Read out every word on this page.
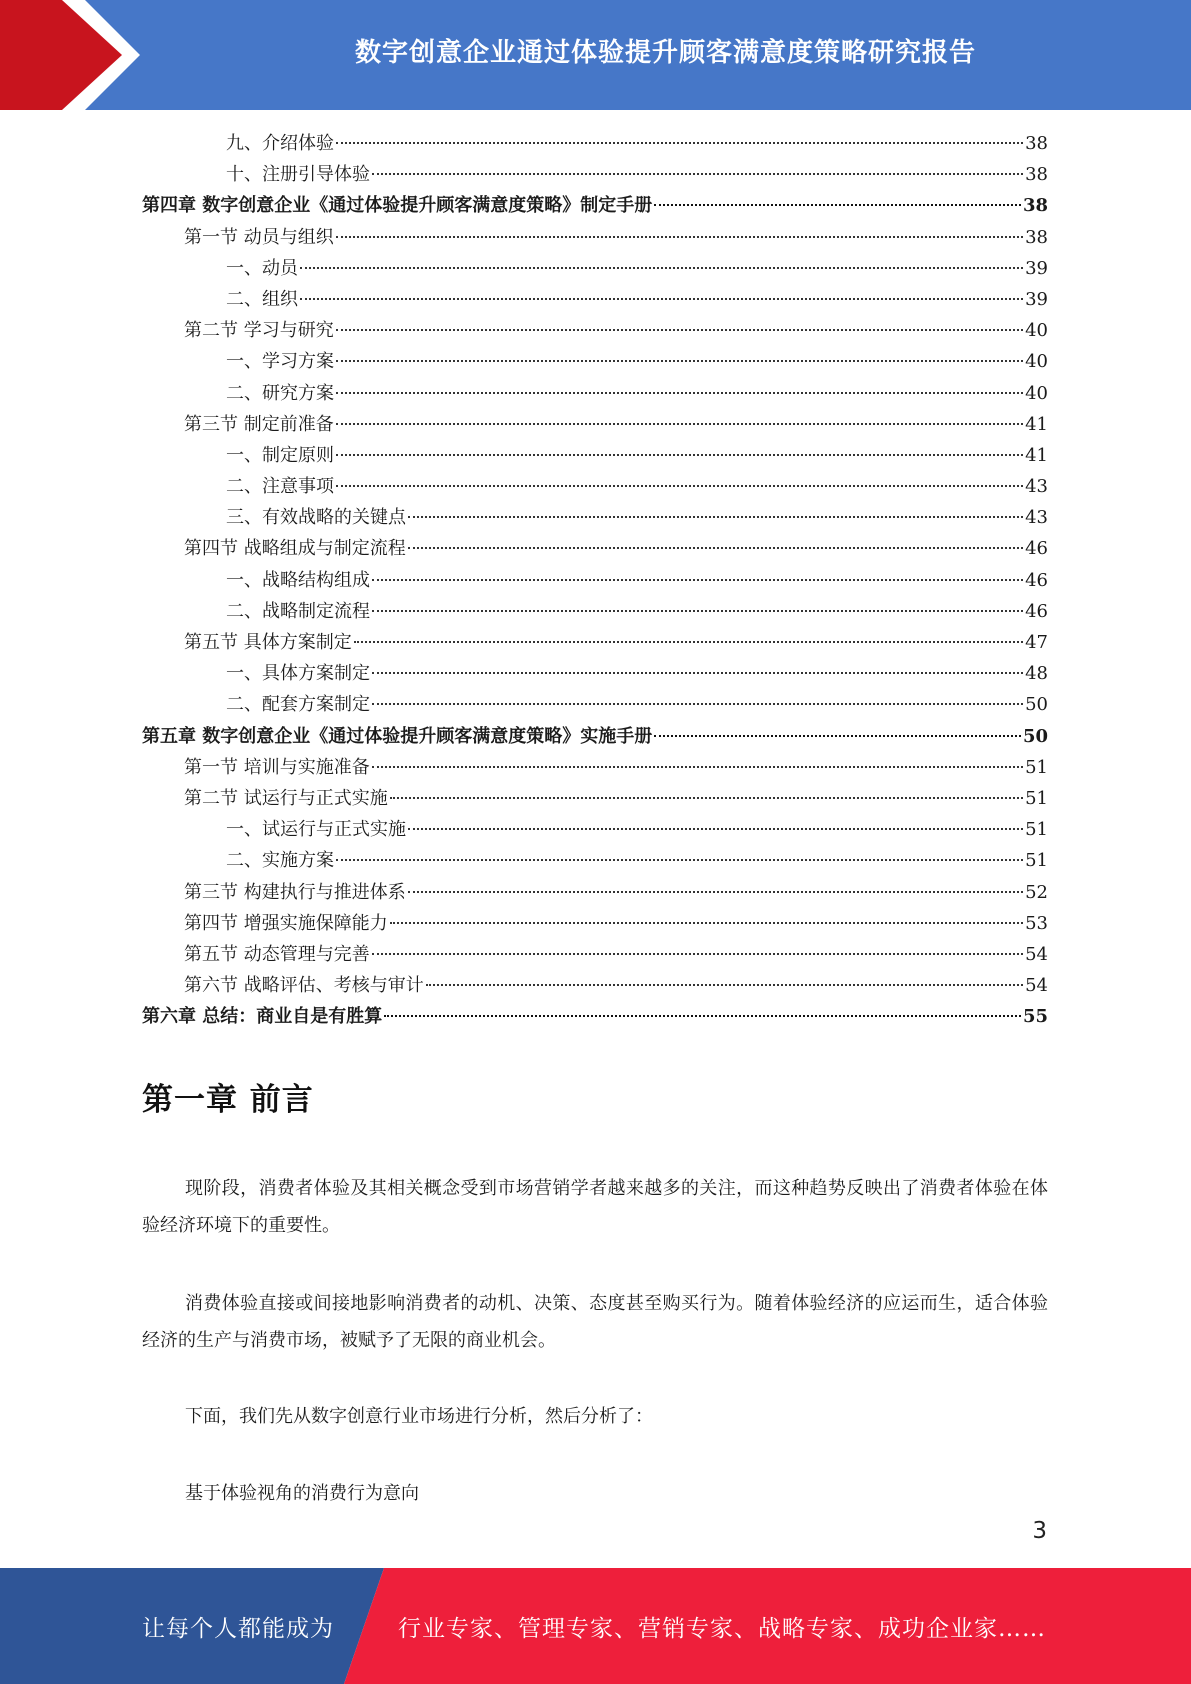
数字创意企业通过体验提升顾客满意度策略研究报告
九、介绍体验	38
十、注册引导体验	38
第四章 数字创意企业《通过体验提升顾客满意度策略》制定手册	38
第一节 动员与组织	38
一、动员	39
二、组织	39
第二节 学习与研究	40
一、学习方案	40
二、研究方案	40
第三节 制定前准备	41
一、制定原则	41
二、注意事项	43
三、有效战略的关键点	43
第四节 战略组成与制定流程	46
一、战略结构组成	46
二、战略制定流程	46
第五节 具体方案制定	47
一、具体方案制定	48
二、配套方案制定	50
第五章 数字创意企业《通过体验提升顾客满意度策略》实施手册	50
第一节 培训与实施准备	51
第二节 试运行与正式实施	51
一、试运行与正式实施	51
二、实施方案	51
第三节 构建执行与推进体系	52
第四节 增强实施保障能力	53
第五节 动态管理与完善	54
第六节 战略评估、考核与审计	54
第六章 总结：商业自是有胜算	55
第一章 前言
现阶段，消费者体验及其相关概念受到市场营销学者越来越多的关注，而这种趋势反映出了消费者体验在体验经济环境下的重要性。
消费体验直接或间接地影响消费者的动机、决策、态度甚至购买行为。随着体验经济的应运而生，适合体验经济的生产与消费市场，被赋予了无限的商业机会。
下面，我们先从数字创意行业市场进行分析，然后分析了：
基于体验视角的消费行为意向
3
让每个人都能成为	行业专家、管理专家、营销专家、战略专家、成功企业家……
